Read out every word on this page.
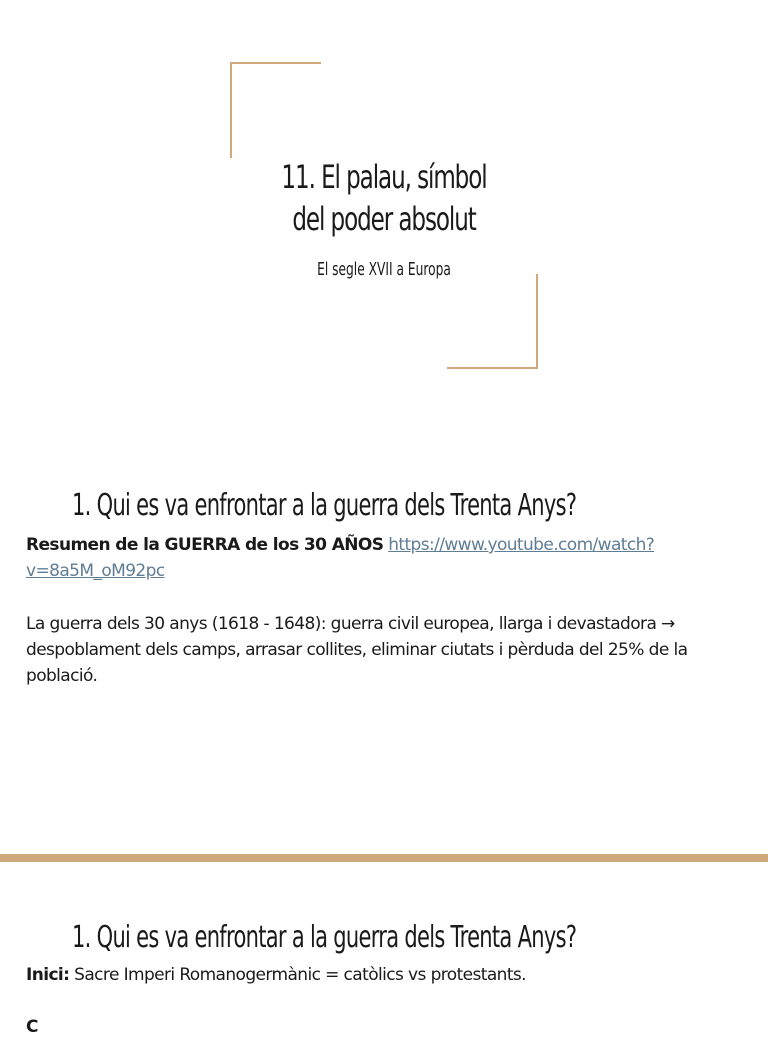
11. El palau, símbol
del poder absolut

El segle XVII a Europa

1. Qui es va enfrontar a la guerra dels Trenta Anys?

Resumen de la GUERRA de los 30 AÑOS https://www.youtube.com/watch?v=8a5M_oM92pc

La guerra dels 30 anys (1618 - 1648): guerra civil europea, llarga i devastadora → despoblament dels camps, arrasar collites, eliminar ciutats i pèrduda del 25% de la població.

1. Qui es va enfrontar a la guerra dels Trenta Anys?

Inici: Sacre Imperi Romanogermànic = catòlics vs protestants.

C
